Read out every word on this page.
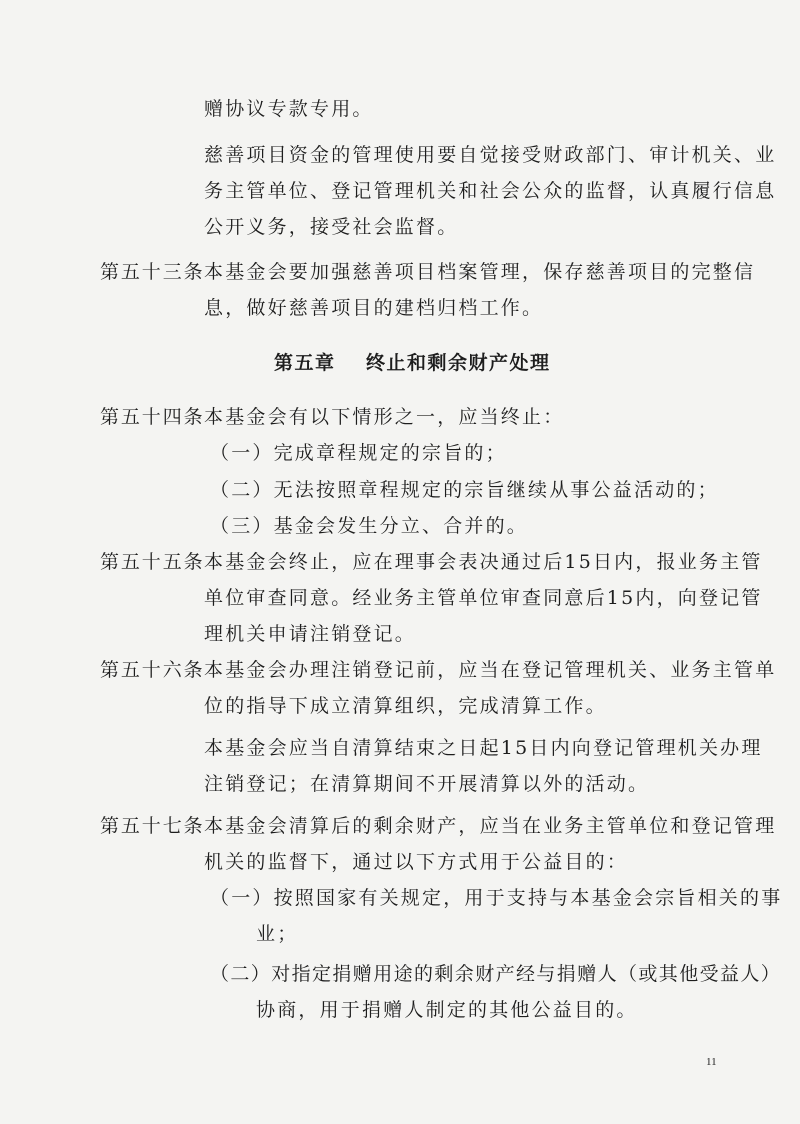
赠协议专款专用。
慈善项目资金的管理使用要自觉接受财政部门、审计机关、业
务主管单位、登记管理机关和社会公众的监督，认真履行信息
公开义务，接受社会监督。
第五十三条 本基金会要加强慈善项目档案管理，保存慈善项目的完整信
息，做好慈善项目的建档归档工作。
第五章 终止和剩余财产处理
第五十四条 本基金会有以下情形之一，应当终止：
（一）完成章程规定的宗旨的；
（二）无法按照章程规定的宗旨继续从事公益活动的；
（三）基金会发生分立、合并的。
第五十五条 本基金会终止，应在理事会表决通过后15日内，报业务主管
单位审查同意。经业务主管单位审查同意后15内，向登记管
理机关申请注销登记。
第五十六条 本基金会办理注销登记前，应当在登记管理机关、业务主管单
位的指导下成立清算组织，完成清算工作。
本基金会应当自清算结束之日起15日内向登记管理机关办理
注销登记；在清算期间不开展清算以外的活动。
第五十七条 本基金会清算后的剩余财产，应当在业务主管单位和登记管理
机关的监督下，通过以下方式用于公益目的：
（一）按照国家有关规定，用于支持与本基金会宗旨相关的事
业；
（二）对指定捐赠用途的剩余财产经与捐赠人（或其他受益人）
协商，用于捐赠人制定的其他公益目的。
11
